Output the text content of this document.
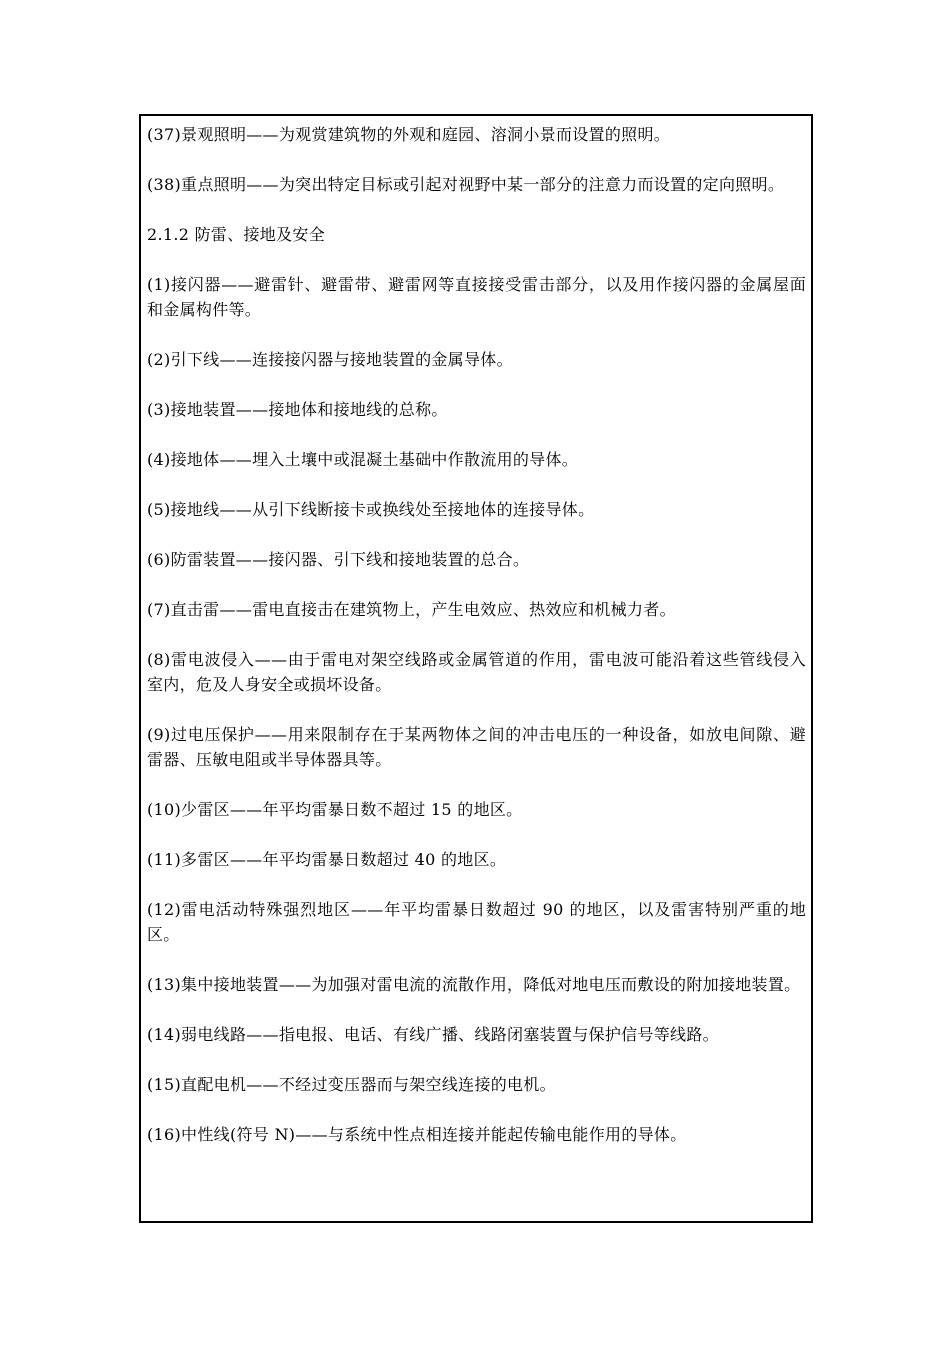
(37)景观照明——为观赏建筑物的外观和庭园、溶洞小景而设置的照明。

(38)重点照明——为突出特定目标或引起对视野中某一部分的注意力而设置的定向照明。

2.1.2 防雷、接地及安全

(1)接闪器——避雷针、避雷带、避雷网等直接接受雷击部分，以及用作接闪器的金属屋面和金属构件等。

(2)引下线——连接接闪器与接地装置的金属导体。

(3)接地装置——接地体和接地线的总称。

(4)接地体——埋入土壤中或混凝土基础中作散流用的导体。

(5)接地线——从引下线断接卡或换线处至接地体的连接导体。

(6)防雷装置——接闪器、引下线和接地装置的总合。

(7)直击雷——雷电直接击在建筑物上，产生电效应、热效应和机械力者。

(8)雷电波侵入——由于雷电对架空线路或金属管道的作用，雷电波可能沿着这些管线侵入室内，危及人身安全或损坏设备。

(9)过电压保护——用来限制存在于某两物体之间的冲击电压的一种设备，如放电间隙、避雷器、压敏电阻或半导体器具等。

(10)少雷区——年平均雷暴日数不超过 15 的地区。

(11)多雷区——年平均雷暴日数超过 40 的地区。

(12)雷电活动特殊强烈地区——年平均雷暴日数超过 90 的地区，以及雷害特别严重的地区。

(13)集中接地装置——为加强对雷电流的流散作用，降低对地电压而敷设的附加接地装置。

(14)弱电线路——指电报、电话、有线广播、线路闭塞装置与保护信号等线路。

(15)直配电机——不经过变压器而与架空线连接的电机。

(16)中性线(符号 N)——与系统中性点相连接并能起传输电能作用的导体。
